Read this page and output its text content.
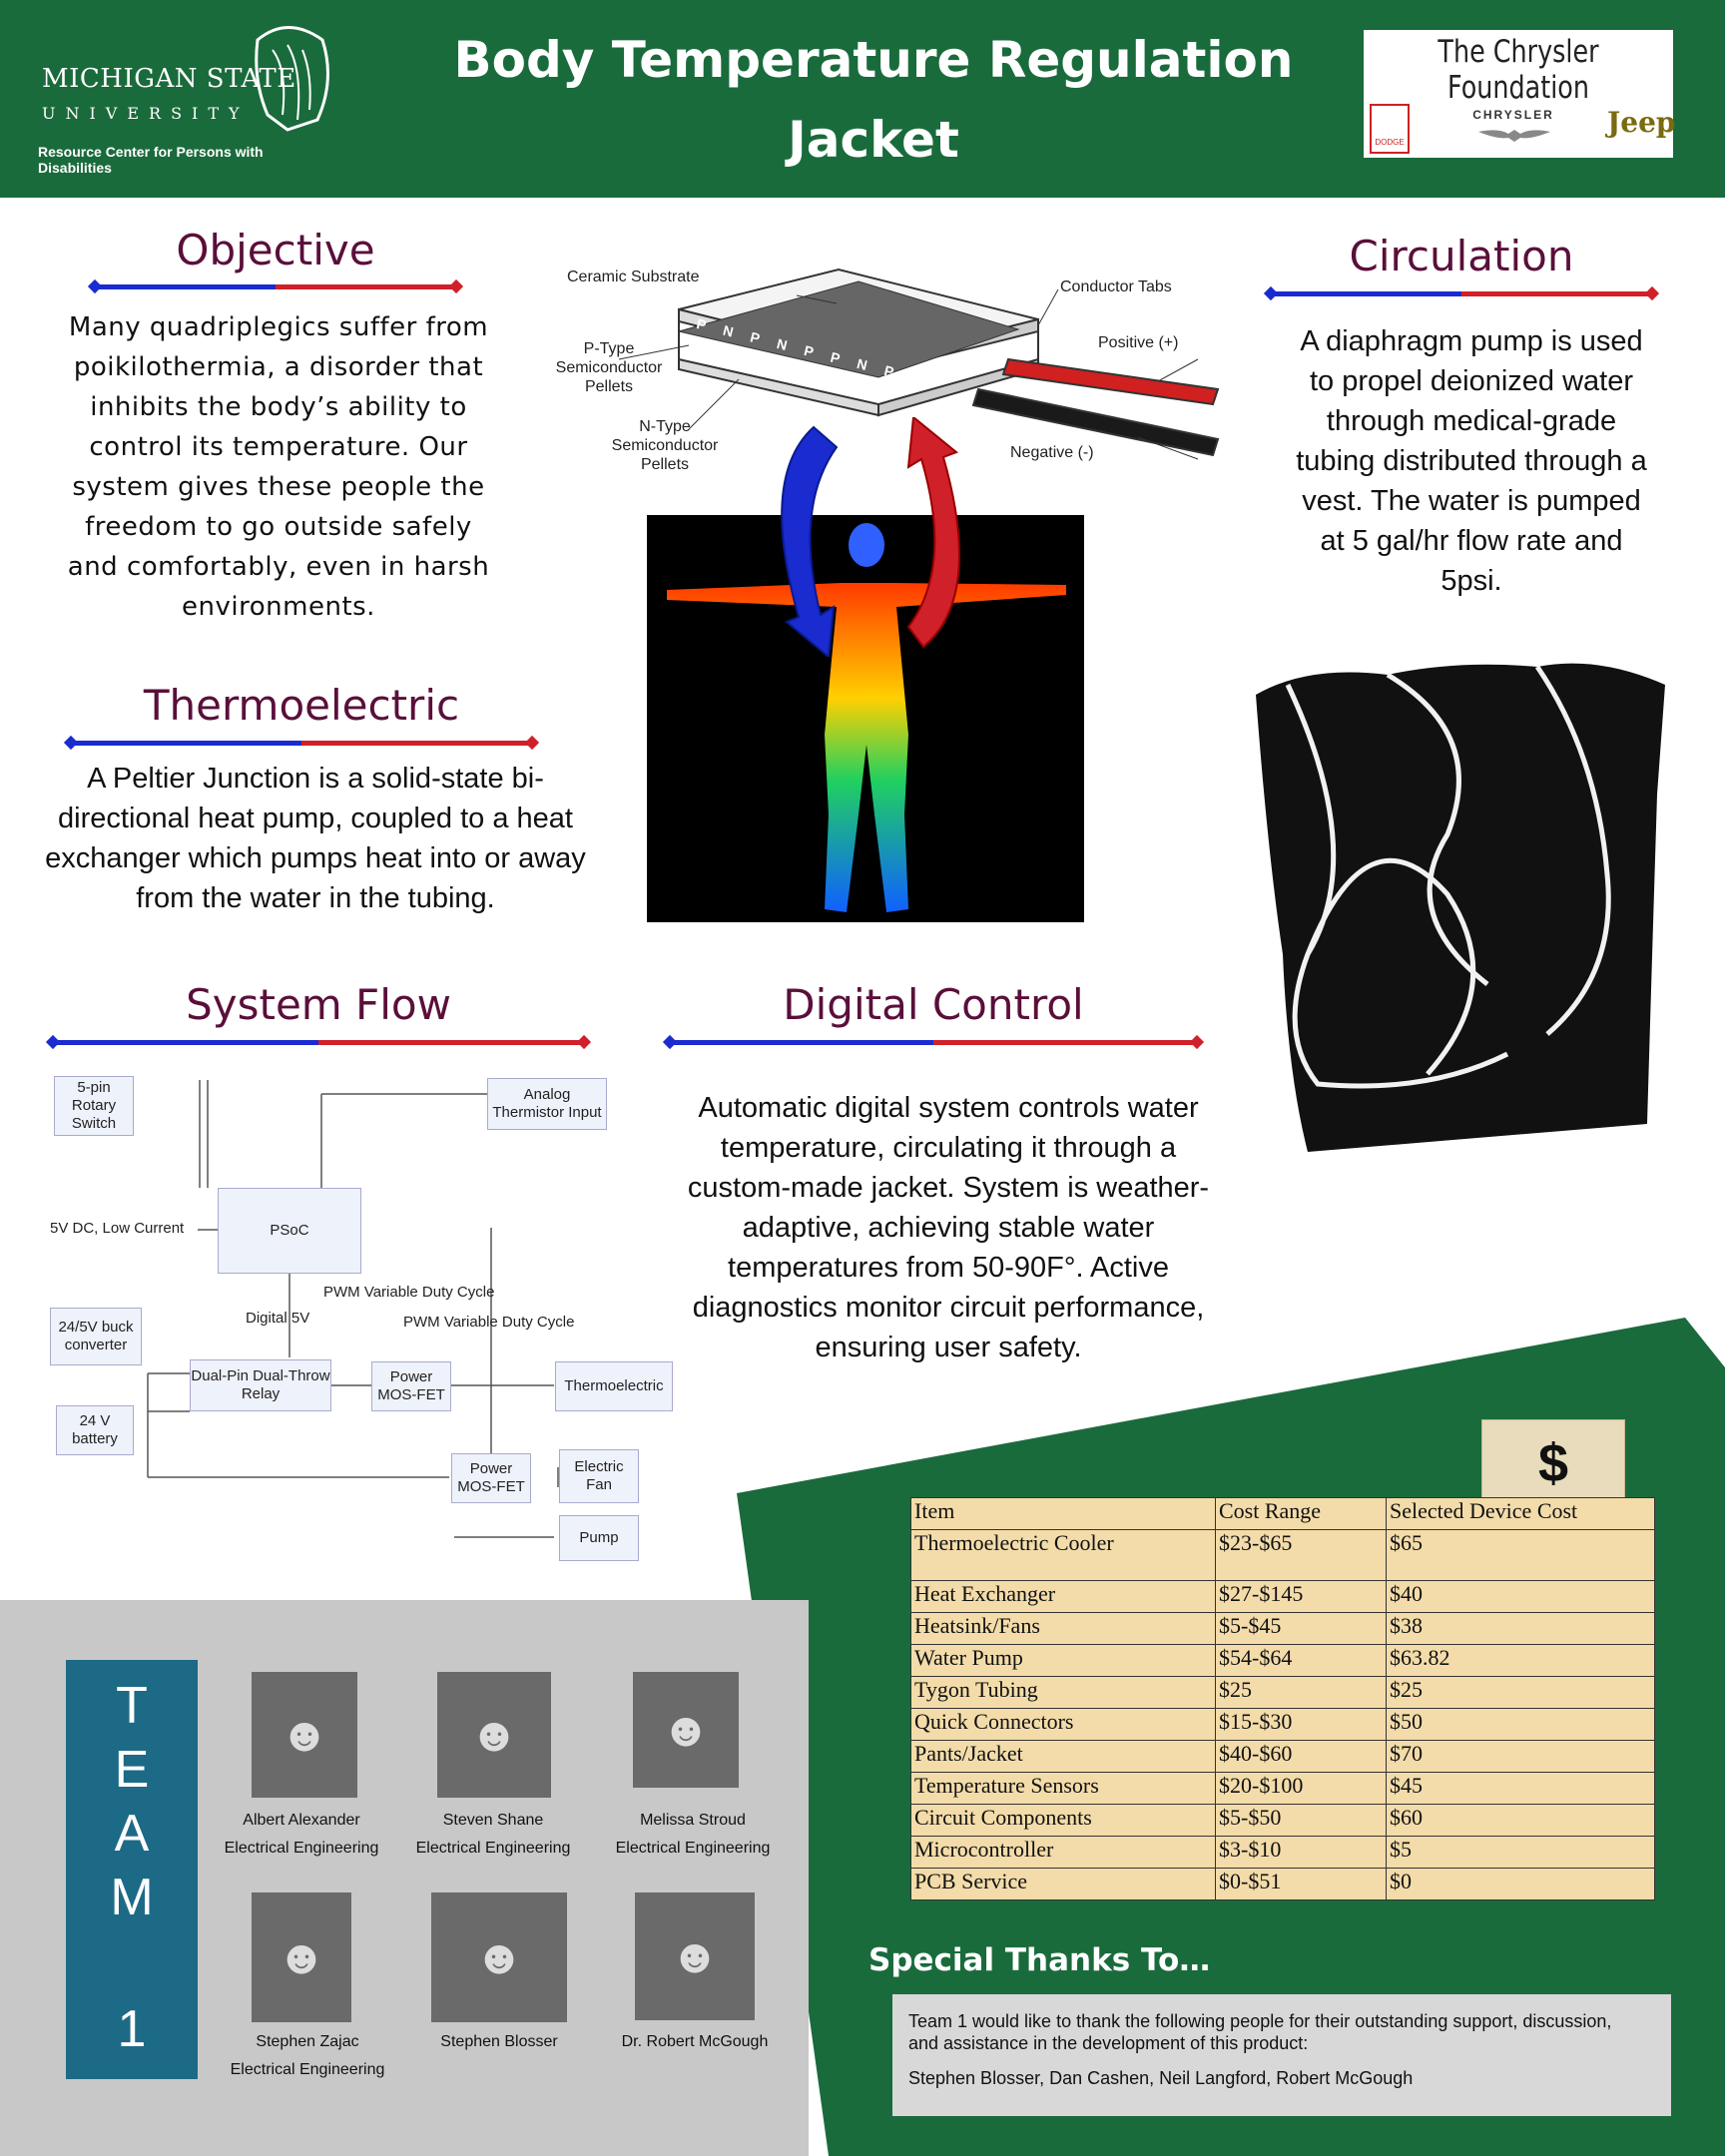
MICHIGAN STATE
UNIVERSITY
Resource Center for Persons with Disabilities
Body Temperature Regulation Jacket
for Quadriplegic Wearer
The Chrysler Foundation
DODGE
CHRYSLER	Jeep
Objective
Many quadriplegics suffer from poikilothermia, a disorder that inhibits the body’s ability to control its temperature. Our system gives these people the freedom to go outside safely and comfortably, even in harsh environments.
Thermoelectric
A Peltier Junction is a solid-state bi-directional heat pump, coupled to a heat exchanger which pumps heat into or away from the water in the tubing.
Circulation
A diaphragm pump is used to propel deionized water through medical-grade tubing distributed through a vest. The water is pumped at 5 gal/hr flow rate and 5psi.
P N P N P P N P N
Ceramic Substrate
Conductor Tabs
P-Type Semiconductor Pellets
N-Type Semiconductor Pellets
Positive (+)
Negative (-)
System Flow
5-pin Rotary Switch
Analog Thermistor Input
5V DC, Low Current	PSoC
PWM Variable Duty Cycle
Digital 5V	PWM Variable Duty Cycle
24/5V buck converter
24 V battery
Dual-Pin Dual-Throw Relay
Power MOS-FET
Thermoelectric
Power MOS-FET
Electric Fan
Pump
Digital Control
Automatic digital system controls water temperature, circulating it through a custom-made jacket. System is weather-adaptive, achieving stable water temperatures from 50-90F°. Active diagnostics monitor circuit performance, ensuring user safety.
$
Item	Cost Range	Selected Device Cost
Thermoelectric Cooler	$23-$65	$65
Heat Exchanger	$27-$145	$40
Heatsink/Fans	$5-$45	$38
Water Pump	$54-$64	$63.82
Tygon Tubing	$25	$25
Quick Connectors	$15-$30	$50
Pants/Jacket	$40-$60	$70
Temperature Sensors	$20-$100	$45
Circuit Components	$5-$50	$60
Microcontroller	$3-$10	$5
PCB Service	$0-$51	$0
Special Thanks To…
Team 1 would like to thank the following people for their outstanding support, discussion, and assistance in the development of this product:
Stephen Blosser, Dan Cashen, Neil Langford, Robert McGough
T
E
A
M
1
☻
Albert Alexander
Electrical Engineering
☻
Steven Shane
Electrical Engineering
☻
Melissa Stroud
Electrical Engineering
☻
Stephen Zajac
Electrical Engineering
☻
Stephen Blosser
☻
Dr. Robert McGough
